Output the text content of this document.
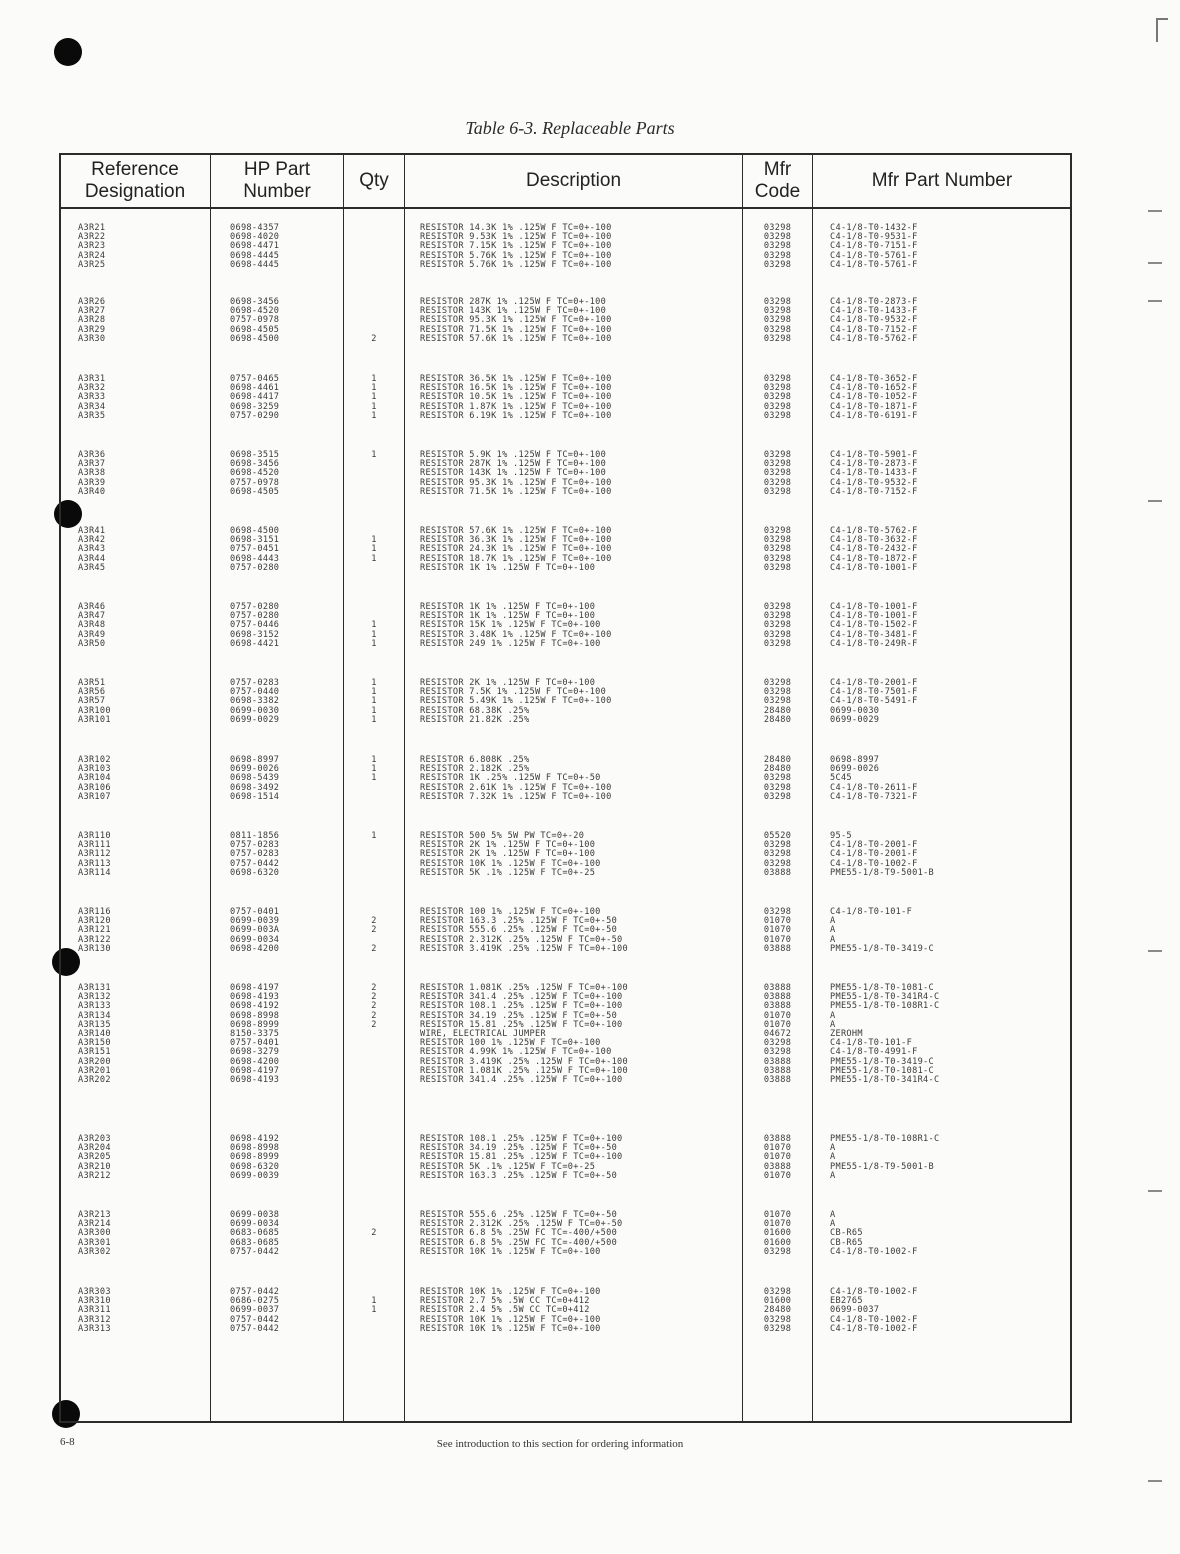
Table 6-3. Replaceable Parts
Reference
Designation
HP Part
Number
Qty	Description
Mfr
Code
Mfr Part Number
A3R21	0698-4357	RESISTOR 14.3K 1% .125W F TC=0+-100	03298	C4-1/8-T0-1432-F
A3R22	0698-4020	RESISTOR 9.53K 1% .125W F TC=0+-100	03298	C4-1/8-T0-9531-F
A3R23	0698-4471	RESISTOR 7.15K 1% .125W F TC=0+-100	03298	C4-1/8-T0-7151-F
A3R24	0698-4445	RESISTOR 5.76K 1% .125W F TC=0+-100	03298	C4-1/8-T0-5761-F
A3R25	0698-4445	RESISTOR 5.76K 1% .125W F TC=0+-100	03298	C4-1/8-T0-5761-F
A3R26	0698-3456	RESISTOR 287K 1% .125W F TC=0+-100	03298	C4-1/8-T0-2873-F
A3R27	0698-4520	RESISTOR 143K 1% .125W F TC=0+-100	03298	C4-1/8-T0-1433-F
A3R28	0757-0978	RESISTOR 95.3K 1% .125W F TC=0+-100	03298	C4-1/8-T0-9532-F
A3R29	0698-4505	RESISTOR 71.5K 1% .125W F TC=0+-100	03298	C4-1/8-T0-7152-F
A3R30	0698-4500	2	RESISTOR 57.6K 1% .125W F TC=0+-100	03298	C4-1/8-T0-5762-F
A3R31	0757-0465	1	RESISTOR 36.5K 1% .125W F TC=0+-100	03298	C4-1/8-T0-3652-F
A3R32	0698-4461	1	RESISTOR 16.5K 1% .125W F TC=0+-100	03298	C4-1/8-T0-1652-F
A3R33	0698-4417	1	RESISTOR 10.5K 1% .125W F TC=0+-100	03298	C4-1/8-T0-1052-F
A3R34	0698-3259	1	RESISTOR 1.87K 1% .125W F TC=0+-100	03298	C4-1/8-T0-1871-F
A3R35	0757-0290	1	RESISTOR 6.19K 1% .125W F TC=0+-100	03298	C4-1/8-T0-6191-F
A3R36	0698-3515	1	RESISTOR 5.9K 1% .125W F TC=0+-100	03298	C4-1/8-T0-5901-F
A3R37	0698-3456	RESISTOR 287K 1% .125W F TC=0+-100	03298	C4-1/8-T0-2873-F
A3R38	0698-4520	RESISTOR 143K 1% .125W F TC=0+-100	03298	C4-1/8-T0-1433-F
A3R39	0757-0978	RESISTOR 95.3K 1% .125W F TC=0+-100	03298	C4-1/8-T0-9532-F
A3R40	0698-4505	RESISTOR 71.5K 1% .125W F TC=0+-100	03298	C4-1/8-T0-7152-F
A3R41	0698-4500	RESISTOR 57.6K 1% .125W F TC=0+-100	03298	C4-1/8-T0-5762-F
A3R42	0698-3151	1	RESISTOR 36.3K 1% .125W F TC=0+-100	03298	C4-1/8-T0-3632-F
A3R43	0757-0451	1	RESISTOR 24.3K 1% .125W F TC=0+-100	03298	C4-1/8-T0-2432-F
A3R44	0698-4443	1	RESISTOR 18.7K 1% .125W F TC=0+-100	03298	C4-1/8-T0-1872-F
A3R45	0757-0280	RESISTOR 1K 1% .125W F TC=0+-100	03298	C4-1/8-T0-1001-F
A3R46	0757-0280	RESISTOR 1K 1% .125W F TC=0+-100	03298	C4-1/8-T0-1001-F
A3R47	0757-0280	RESISTOR 1K 1% .125W F TC=0+-100	03298	C4-1/8-T0-1001-F
A3R48	0757-0446	1	RESISTOR 15K 1% .125W F TC=0+-100	03298	C4-1/8-T0-1502-F
A3R49	0698-3152	1	RESISTOR 3.48K 1% .125W F TC=0+-100	03298	C4-1/8-T0-3481-F
A3R50	0698-4421	1	RESISTOR 249 1% .125W F TC=0+-100	03298	C4-1/8-T0-249R-F
A3R51	0757-0283	1	RESISTOR 2K 1% .125W F TC=0+-100	03298	C4-1/8-T0-2001-F
A3R56	0757-0440	1	RESISTOR 7.5K 1% .125W F TC=0+-100	03298	C4-1/8-T0-7501-F
A3R57	0698-3382	1	RESISTOR 5.49K 1% .125W F TC=0+-100	03298	C4-1/8-T0-5491-F
A3R100	0699-0030	1	RESISTOR 68.38K .25%	28480	0699-0030
A3R101	0699-0029	1	RESISTOR 21.82K .25%	28480	0699-0029
A3R102	0698-8997	1	RESISTOR 6.808K .25%	28480	0698-8997
A3R103	0699-0026	1	RESISTOR 2.182K .25%	28480	0699-0026
A3R104	0698-5439	1	RESISTOR 1K .25% .125W F TC=0+-50	03298	5C45
A3R106	0698-3492	RESISTOR 2.61K 1% .125W F TC=0+-100	03298	C4-1/8-T0-2611-F
A3R107	0698-1514	RESISTOR 7.32K 1% .125W F TC=0+-100	03298	C4-1/8-T0-7321-F
A3R110	0811-1856	1	RESISTOR 500 5% 5W PW TC=0+-20	05520	95-5
A3R111	0757-0283	RESISTOR 2K 1% .125W F TC=0+-100	03298	C4-1/8-T0-2001-F
A3R112	0757-0283	RESISTOR 2K 1% .125W F TC=0+-100	03298	C4-1/8-T0-2001-F
A3R113	0757-0442	RESISTOR 10K 1% .125W F TC=0+-100	03298	C4-1/8-T0-1002-F
A3R114	0698-6320	RESISTOR 5K .1% .125W F TC=0+-25	03888	PME55-1/8-T9-5001-B
A3R116	0757-0401	RESISTOR 100 1% .125W F TC=0+-100	03298	C4-1/8-T0-101-F
A3R120	0699-0039	2	RESISTOR 163.3 .25% .125W F TC=0+-50	01070	A
A3R121	0699-003A	2	RESISTOR 555.6 .25% .125W F TC=0+-50	01070	A
A3R122	0699-0034	RESISTOR 2.312K .25% .125W F TC=0+-50	01070	A
A3R130	0698-4200	2	RESISTOR 3.419K .25% .125W F TC=0+-100	03888	PME55-1/8-T0-3419-C
A3R131	0698-4197	2	RESISTOR 1.081K .25% .125W F TC=0+-100	03888	PME55-1/8-T0-1081-C
A3R132	0698-4193	2	RESISTOR 341.4 .25% .125W F TC=0+-100	03888	PME55-1/8-T0-341R4-C
A3R133	0698-4192	2	RESISTOR 108.1 .25% .125W F TC=0+-100	03888	PME55-1/8-T0-108R1-C
A3R134	0698-8998	2	RESISTOR 34.19 .25% .125W F TC=0+-50	01070	A
A3R135	0698-8999	2	RESISTOR 15.81 .25% .125W F TC=0+-100	01070	A
A3R140	8150-3375	WIRE, ELECTRICAL JUMPER	04672	ZEROHM
A3R150	0757-0401	RESISTOR 100 1% .125W F TC=0+-100	03298	C4-1/8-T0-101-F
A3R151	0698-3279	RESISTOR 4.99K 1% .125W F TC=0+-100	03298	C4-1/8-T0-4991-F
A3R200	0698-4200	RESISTOR 3.419K .25% .125W F TC=0+-100	03888	PME55-1/8-T0-3419-C
A3R201	0698-4197	RESISTOR 1.081K .25% .125W F TC=0+-100	03888	PME55-1/8-T0-1081-C
A3R202	0698-4193	RESISTOR 341.4 .25% .125W F TC=0+-100	03888	PME55-1/8-T0-341R4-C
A3R203	0698-4192	RESISTOR 108.1 .25% .125W F TC=0+-100	03888	PME55-1/8-T0-108R1-C
A3R204	0698-8998	RESISTOR 34.19 .25% .125W F TC=0+-50	01070	A
A3R205	0698-8999	RESISTOR 15.81 .25% .125W F TC=0+-100	01070	A
A3R210	0698-6320	RESISTOR 5K .1% .125W F TC=0+-25	03888	PME55-1/8-T9-5001-B
A3R212	0699-0039	RESISTOR 163.3 .25% .125W F TC=0+-50	01070	A
A3R213	0699-0038	RESISTOR 555.6 .25% .125W F TC=0+-50	01070	A
A3R214	0699-0034	RESISTOR 2.312K .25% .125W F TC=0+-50	01070	A
A3R300	0683-0685	2	RESISTOR 6.8 5% .25W FC TC=-400/+500	01600	CB-R65
A3R301	0683-0685	RESISTOR 6.8 5% .25W FC TC=-400/+500	01600	CB-R65
A3R302	0757-0442	RESISTOR 10K 1% .125W F TC=0+-100	03298	C4-1/8-T0-1002-F
A3R303	0757-0442	RESISTOR 10K 1% .125W F TC=0+-100	03298	C4-1/8-T0-1002-F
A3R310	0686-0275	1	RESISTOR 2.7 5% .5W CC TC=0+412	01600	EB2765
A3R311	0699-0037	1	RESISTOR 2.4 5% .5W CC TC=0+412	28480	0699-0037
A3R312	0757-0442	RESISTOR 10K 1% .125W F TC=0+-100	03298	C4-1/8-T0-1002-F
A3R313	0757-0442	RESISTOR 10K 1% .125W F TC=0+-100	03298	C4-1/8-T0-1002-F
6-8	See introduction to this section for ordering information
